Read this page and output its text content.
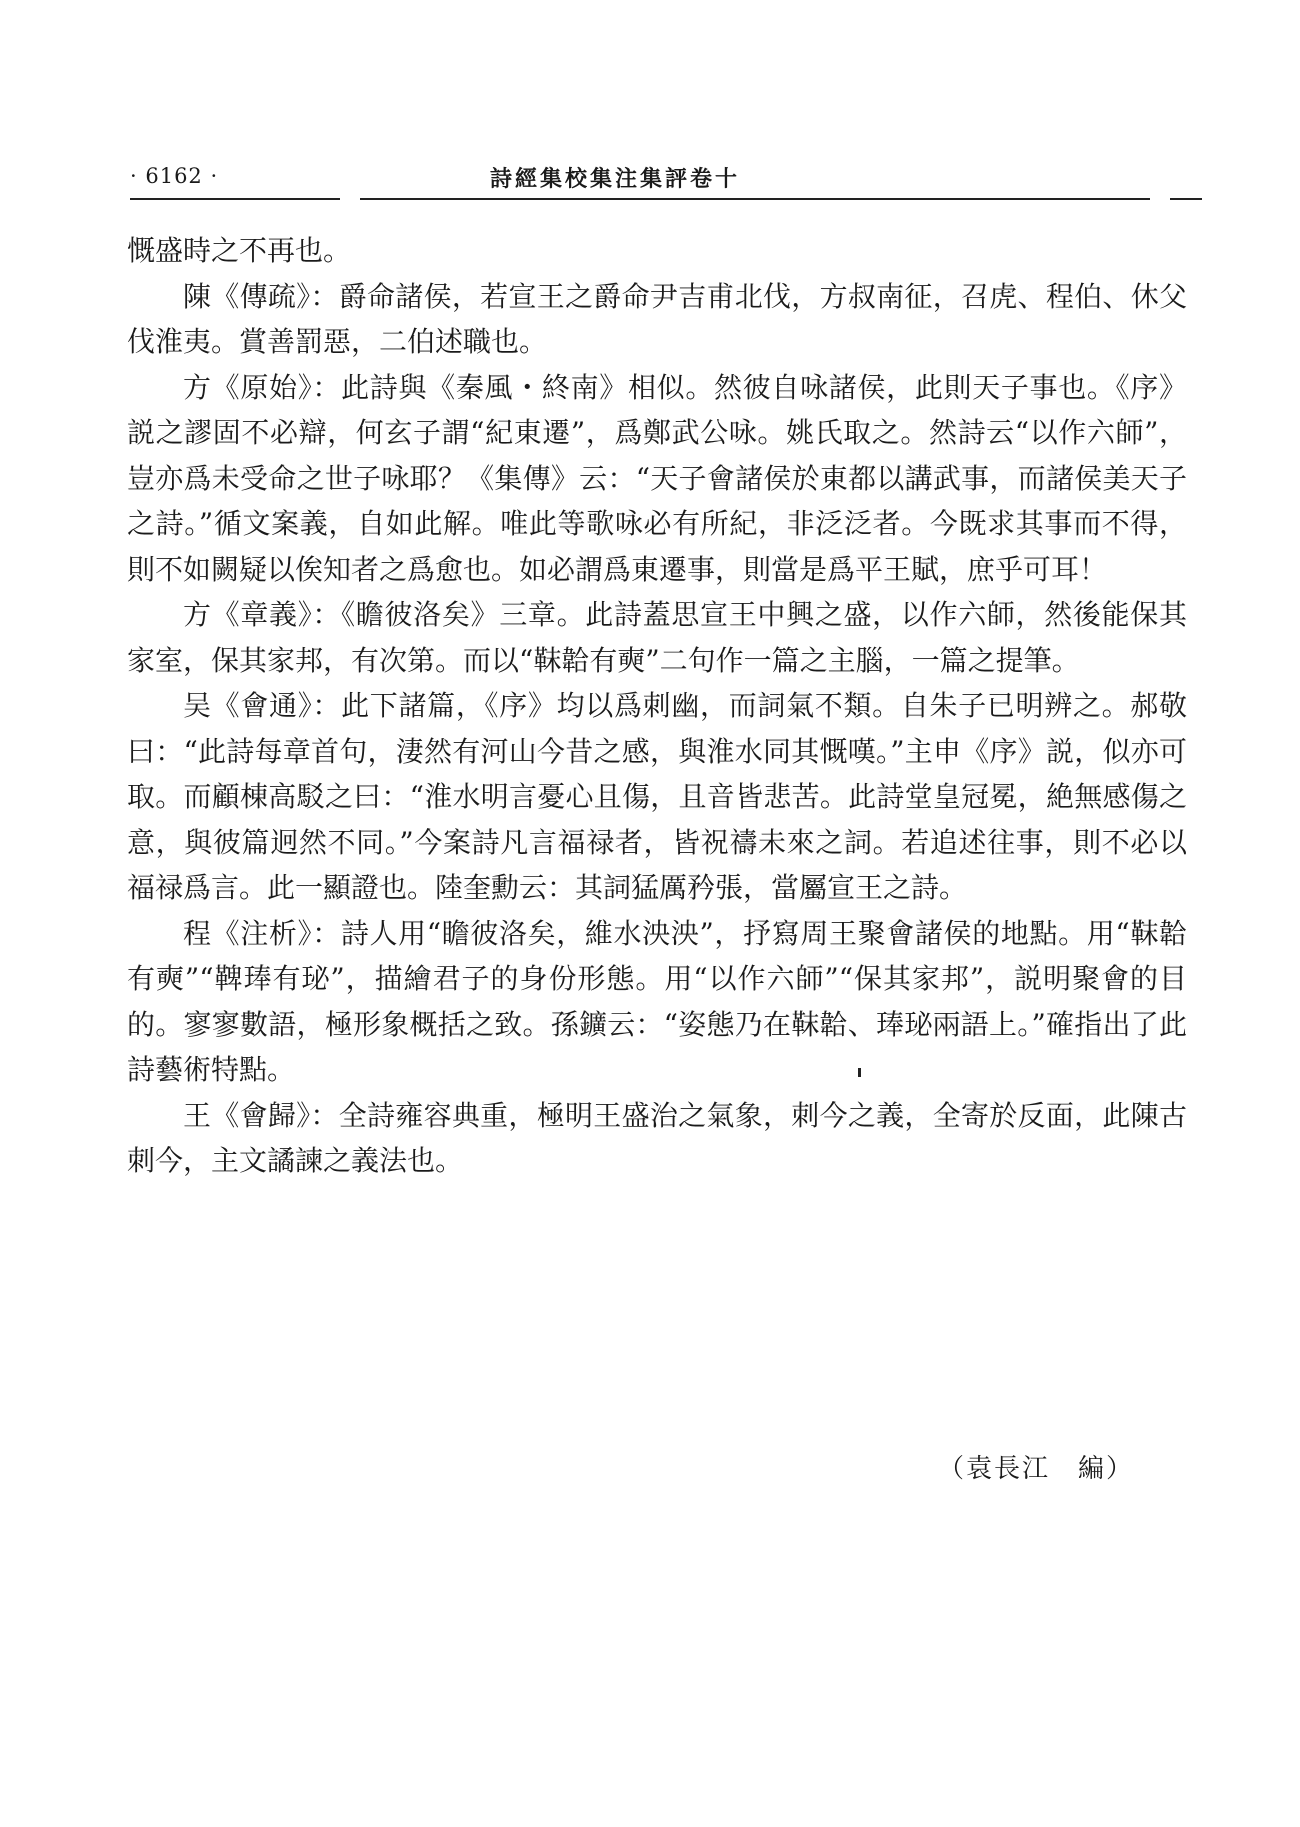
· 6162 ·	詩經集校集注集評卷十

慨盛時之不再也。

陳《傳疏》：爵命諸侯，若宣王之爵命尹吉甫北伐，方叔南征，召虎、程伯、休父伐淮夷。賞善罰惡，二伯述職也。

方《原始》：此詩與《秦風・終南》相似。然彼自咏諸侯，此則天子事也。《序》説之謬固不必辯，何玄子謂“紀東遷”，爲鄭武公咏。姚氏取之。然詩云“以作六師”，豈亦爲未受命之世子咏耶？《集傳》云：“天子會諸侯於東都以講武事，而諸侯美天子之詩。”循文案義，自如此解。唯此等歌咏必有所紀，非泛泛者。今既求其事而不得，則不如闕疑以俟知者之爲愈也。如必謂爲東遷事，則當是爲平王賦，庶乎可耳！

方《章義》：《瞻彼洛矣》三章。此詩蓋思宣王中興之盛，以作六師，然後能保其家室，保其家邦，有次第。而以“靺韐有奭”二句作一篇之主腦，一篇之提筆。

吴《會通》：此下諸篇，《序》均以爲刺幽，而詞氣不類。自朱子已明辨之。郝敬曰：“此詩每章首句，淒然有河山今昔之感，與淮水同其慨嘆。”主申《序》説，似亦可取。而顧棟高駁之曰：“淮水明言憂心且傷，且音皆悲苦。此詩堂皇冠冕，絶無感傷之意，與彼篇迥然不同。”今案詩凡言福禄者，皆祝禱未來之詞。若追述往事，則不必以福禄爲言。此一顯證也。陸奎勳云：其詞猛厲矜張，當屬宣王之詩。

程《注析》：詩人用“瞻彼洛矣，維水泱泱”，抒寫周王聚會諸侯的地點。用“靺韐有奭”“鞞琫有珌”，描繪君子的身份形態。用“以作六師”“保其家邦”，説明聚會的目的。寥寥數語，極形象概括之致。孫鑛云：“姿態乃在靺韐、琫珌兩語上。”確指出了此詩藝術特點。

王《會歸》：全詩雍容典重，極明王盛治之氣象，刺今之義，全寄於反面，此陳古刺今，主文譎諫之義法也。

（袁長江　編）
